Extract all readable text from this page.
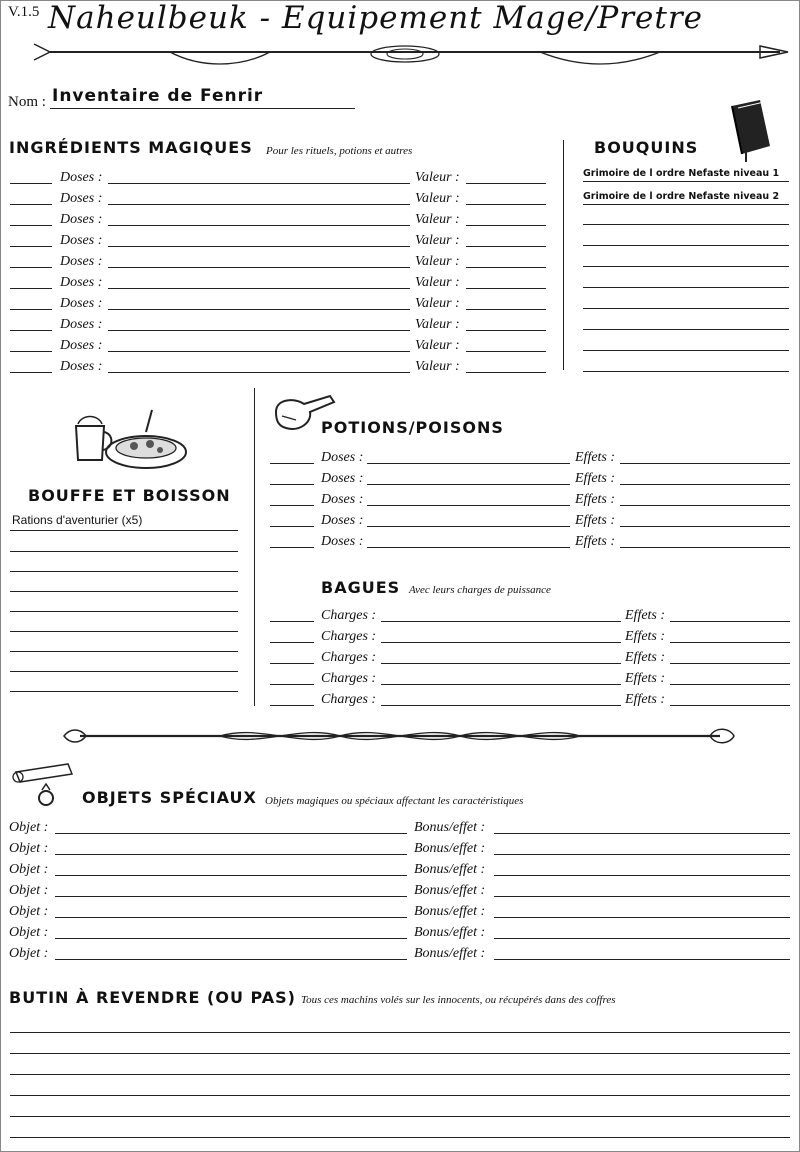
V.1.5 Naheulbeuk - Equipement Mage/Pretre
Nom : Inventaire de Fenrir
INGRÉDIENTS MAGIQUES Pour les rituels, potions et autres
Doses :	Valeur :
Doses :	Valeur :
Doses :	Valeur :
Doses :	Valeur :
Doses :	Valeur :
Doses :	Valeur :
Doses :	Valeur :
Doses :	Valeur :
Doses :	Valeur :
Doses :	Valeur :
BOUQUINS
Grimoire de l ordre Nefaste niveau 1
Grimoire de l ordre Nefaste niveau 2
BOUFFE ET BOISSON
Rations d'aventurier (x5)
POTIONS/POISONS
Doses :	Effets :
Doses :	Effets :
Doses :	Effets :
Doses :	Effets :
Doses :	Effets :
BAGUES Avec leurs charges de puissance
Charges :	Effets :
Charges :	Effets :
Charges :	Effets :
Charges :	Effets :
Charges :	Effets :
OBJETS SPÉCIAUX Objets magiques ou spéciaux affectant les caractéristiques
Objet :	Bonus/effet :
Objet :	Bonus/effet :
Objet :	Bonus/effet :
Objet :	Bonus/effet :
Objet :	Bonus/effet :
Objet :	Bonus/effet :
Objet :	Bonus/effet :
BUTIN À REVENDRE (OU PAS) Tous ces machins volés sur les innocents, ou récupérés dans des coffres
